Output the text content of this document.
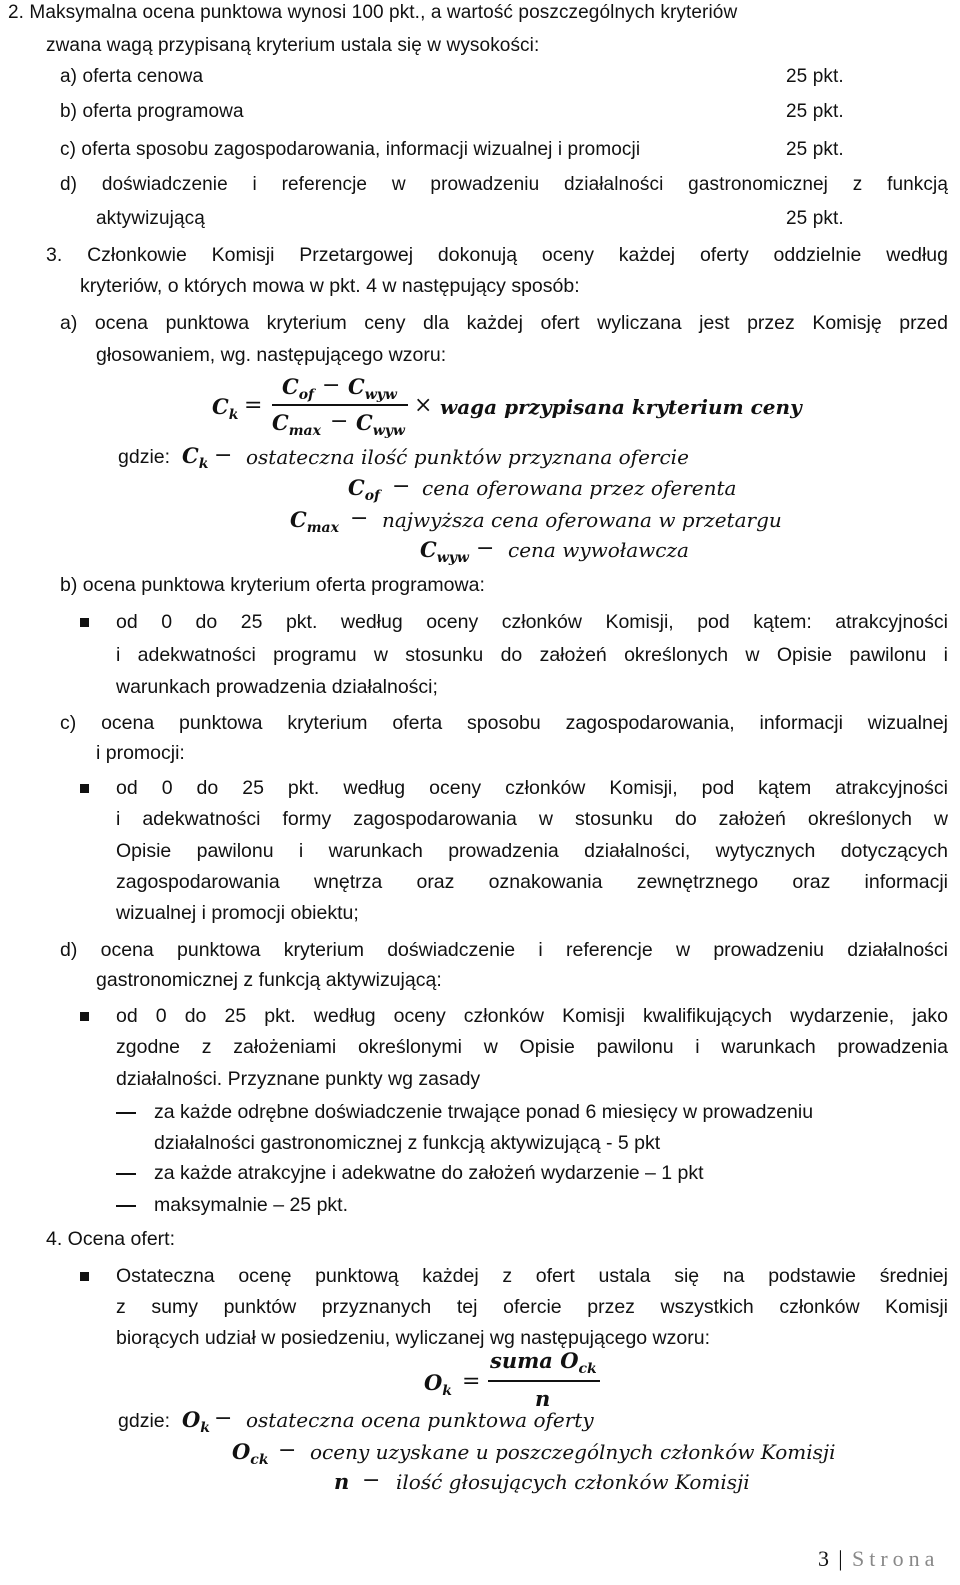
2. Maksymalna ocena punktowa wynosi 100 pkt., a wartość poszczególnych kryteriów
zwana wagą przypisaną kryterium ustala się w wysokości:
a) oferta cenowa	25 pkt.
b) oferta programowa	25 pkt.
c) oferta sposobu zagospodarowania, informacji wizualnej i promocji	25 pkt.
d) doświadczenie i referencje w prowadzeniu działalności gastronomicznej z funkcją
aktywizującą	25 pkt.
3. Członkowie Komisji Przetargowej dokonują oceny każdej oferty oddzielnie według
kryteriów, o których mowa w pkt. 4 w następujący sposób:
a) ocena punktowa kryterium ceny dla każdej ofert wyliczana jest przez Komisję przed
głosowaniem, wg. następującego wzoru:
$C_k$ =
$C_{of} - C_{wyw}$
$C_{max} - C_{wyw}$
× waga przypisana kryterium ceny
gdzie: $C_k$ − ostateczna ilość punktów przyznana ofercie
$C_{of}$ − cena oferowana przez oferenta
$C_{max}$ − najwyższa cena oferowana w przetargu
$C_{wyw}$ − cena wywoławcza
b) ocena punktowa kryterium oferta programowa:
od 0 do 25 pkt. według oceny członków Komisji, pod kątem: atrakcyjności
i adekwatności programu w stosunku do założeń określonych w Opisie pawilonu i
warunkach prowadzenia działalności;
c) ocena punktowa kryterium oferta sposobu zagospodarowania, informacji wizualnej
i promocji:
od 0 do 25 pkt. według oceny członków Komisji, pod kątem atrakcyjności
i adekwatności formy zagospodarowania w stosunku do założeń określonych w
Opisie pawilonu i warunkach prowadzenia działalności, wytycznych dotyczących
zagospodarowania wnętrza oraz oznakowania zewnętrznego oraz informacji
wizualnej i promocji obiektu;
d) ocena punktowa kryterium doświadczenie i referencje w prowadzeniu działalności
gastronomicznej z funkcją aktywizującą:
od 0 do 25 pkt. według oceny członków Komisji kwalifikujących wydarzenie, jako
zgodne z założeniami określonymi w Opisie pawilonu i warunkach prowadzenia
działalności. Przyznane punkty wg zasady
za każde odrębne doświadczenie trwające ponad 6 miesięcy w prowadzeniu
działalności gastronomicznej z funkcją aktywizującą - 5 pkt
za każde atrakcyjne i adekwatne do założeń wydarzenie – 1 pkt
maksymalnie – 25 pkt.
4. Ocena ofert:
Ostateczna ocenę punktową każdej z ofert ustala się na podstawie średniej
z sumy punktów przyznanych tej ofercie przez wszystkich członków Komisji
biorących udział w posiedzeniu, wyliczanej wg następującego wzoru:
$O_k$ =
suma $O_{ck}$
n
gdzie: $O_k$ − ostateczna ocena punktowa oferty
$O_{ck}$ − oceny uzyskane u poszczególnych członków Komisji
n − ilość głosujących członków Komisji
3 | Strona
